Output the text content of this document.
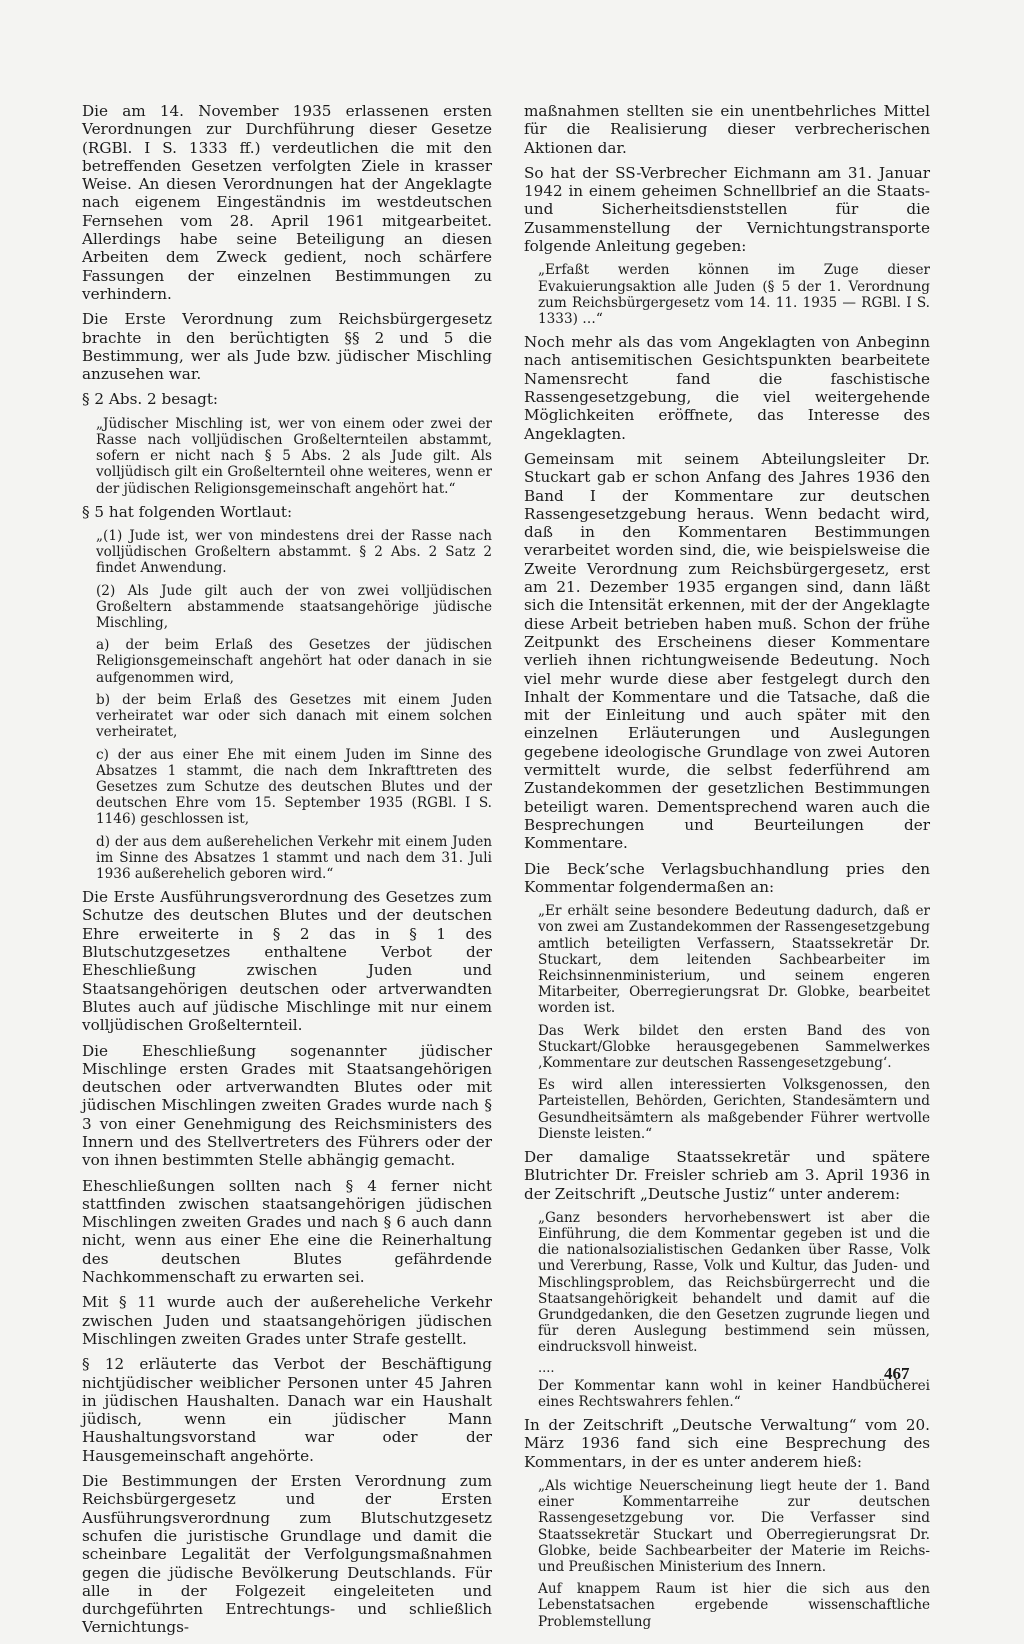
Die am 14. November 1935 erlassenen ersten Verordnungen zur Durchführung dieser Gesetze (RGBl. I S. 1333 ff.) verdeutlichen die mit den betreffenden Gesetzen verfolgten Ziele in krasser Weise. An diesen Verordnungen hat der Angeklagte nach eigenem Eingeständnis im westdeutschen Fernsehen vom 28. April 1961 mitgearbeitet. Allerdings habe seine Beteiligung an diesen Arbeiten dem Zweck gedient, noch schärfere Fassungen der einzelnen Bestimmungen zu verhindern.

Die Erste Verordnung zum Reichsbürgergesetz brachte in den berüchtigten §§ 2 und 5 die Bestimmung, wer als Jude bzw. jüdischer Mischling anzusehen war.

§ 2 Abs. 2 besagt:

„Jüdischer Mischling ist, wer von einem oder zwei der Rasse nach volljüdischen Großelternteilen abstammt, sofern er nicht nach § 5 Abs. 2 als Jude gilt. Als volljüdisch gilt ein Großelternteil ohne weiteres, wenn er der jüdischen Religionsgemeinschaft angehört hat.“

§ 5 hat folgenden Wortlaut:

„(1) Jude ist, wer von mindestens drei der Rasse nach volljüdischen Großeltern abstammt. § 2 Abs. 2 Satz 2 findet Anwendung.

(2) Als Jude gilt auch der von zwei volljüdischen Großeltern abstammende staatsangehörige jüdische Mischling,

a) der beim Erlaß des Gesetzes der jüdischen Religionsgemeinschaft angehört hat oder danach in sie aufgenommen wird,

b) der beim Erlaß des Gesetzes mit einem Juden verheiratet war oder sich danach mit einem solchen verheiratet,

c) der aus einer Ehe mit einem Juden im Sinne des Absatzes 1 stammt, die nach dem Inkrafttreten des Gesetzes zum Schutze des deutschen Blutes und der deutschen Ehre vom 15. September 1935 (RGBl. I S. 1146) geschlossen ist,

d) der aus dem außerehelichen Verkehr mit einem Juden im Sinne des Absatzes 1 stammt und nach dem 31. Juli 1936 außerehelich geboren wird.“

Die Erste Ausführungsverordnung des Gesetzes zum Schutze des deutschen Blutes und der deutschen Ehre erweiterte in § 2 das in § 1 des Blutschutzgesetzes enthaltene Verbot der Eheschließung zwischen Juden und Staatsangehörigen deutschen oder artverwandten Blutes auch auf jüdische Mischlinge mit nur einem volljüdischen Großelternteil.

Die Eheschließung sogenannter jüdischer Mischlinge ersten Grades mit Staatsangehörigen deutschen oder artverwandten Blutes oder mit jüdischen Mischlingen zweiten Grades wurde nach § 3 von einer Genehmigung des Reichsministers des Innern und des Stellvertreters des Führers oder der von ihnen bestimmten Stelle abhängig gemacht.

Eheschließungen sollten nach § 4 ferner nicht stattfinden zwischen staatsangehörigen jüdischen Mischlingen zweiten Grades und nach § 6 auch dann nicht, wenn aus einer Ehe eine die Reinerhaltung des deutschen Blutes gefährdende Nachkommenschaft zu erwarten sei.

Mit § 11 wurde auch der außereheliche Verkehr zwischen Juden und staatsangehörigen jüdischen Mischlingen zweiten Grades unter Strafe gestellt.

§ 12 erläuterte das Verbot der Beschäftigung nichtjüdischer weiblicher Personen unter 45 Jahren in jüdischen Haushalten. Danach war ein Haushalt jüdisch, wenn ein jüdischer Mann Haushaltungsvorstand war oder der Hausgemeinschaft angehörte.

Die Bestimmungen der Ersten Verordnung zum Reichsbürgergesetz und der Ersten Ausführungsverordnung zum Blutschutzgesetz schufen die juristische Grundlage und damit die scheinbare Legalität der Verfolgungsmaßnahmen gegen die jüdische Bevölkerung Deutschlands. Für alle in der Folgezeit eingeleiteten und durchgeführten Entrechtungs- und schließlich Vernichtungs-

maßnahmen stellten sie ein unentbehrliches Mittel für die Realisierung dieser verbrecherischen Aktionen dar.

So hat der SS-Verbrecher Eichmann am 31. Januar 1942 in einem geheimen Schnellbrief an die Staats- und Sicherheitsdienststellen für die Zusammenstellung der Vernichtungstransporte folgende Anleitung gegeben:

„Erfaßt werden können im Zuge dieser Evakuierungsaktion alle Juden (§ 5 der 1. Verordnung zum Reichsbürgergesetz vom 14. 11. 1935 — RGBl. I S. 1333) …“

Noch mehr als das vom Angeklagten von Anbeginn nach antisemitischen Gesichtspunkten bearbeitete Namensrecht fand die faschistische Rassengesetzgebung, die viel weitergehende Möglichkeiten eröffnete, das Interesse des Angeklagten.

Gemeinsam mit seinem Abteilungsleiter Dr. Stuckart gab er schon Anfang des Jahres 1936 den Band I der Kommentare zur deutschen Rassengesetzgebung heraus. Wenn bedacht wird, daß in den Kommentaren Bestimmungen verarbeitet worden sind, die, wie beispielsweise die Zweite Verordnung zum Reichsbürgergesetz, erst am 21. Dezember 1935 ergangen sind, dann läßt sich die Intensität erkennen, mit der der Angeklagte diese Arbeit betrieben haben muß. Schon der frühe Zeitpunkt des Erscheinens dieser Kommentare verlieh ihnen richtungweisende Bedeutung. Noch viel mehr wurde diese aber festgelegt durch den Inhalt der Kommentare und die Tatsache, daß die mit der Einleitung und auch später mit den einzelnen Erläuterungen und Auslegungen gegebene ideologische Grundlage von zwei Autoren vermittelt wurde, die selbst federführend am Zustandekommen der gesetzlichen Bestimmungen beteiligt waren. Dementsprechend waren auch die Besprechungen und Beurteilungen der Kommentare.

Die Beck’sche Verlagsbuchhandlung pries den Kommentar folgendermaßen an:

„Er erhält seine besondere Bedeutung dadurch, daß er von zwei am Zustandekommen der Rassengesetzgebung amtlich beteiligten Verfassern, Staatssekretär Dr. Stuckart, dem leitenden Sachbearbeiter im Reichsinnenministerium, und seinem engeren Mitarbeiter, Oberregierungsrat Dr. Globke, bearbeitet worden ist.

Das Werk bildet den ersten Band des von Stuckart/Globke herausgegebenen Sammelwerkes ‚Kommentare zur deutschen Rassengesetzgebung‘.

Es wird allen interessierten Volksgenossen, den Parteistellen, Behörden, Gerichten, Standesämtern und Gesundheitsämtern als maßgebender Führer wertvolle Dienste leisten.“

Der damalige Staatssekretär und spätere Blutrichter Dr. Freisler schrieb am 3. April 1936 in der Zeitschrift „Deutsche Justiz“ unter anderem:

„Ganz besonders hervorhebenswert ist aber die Einführung, die dem Kommentar gegeben ist und die die nationalsozialistischen Gedanken über Rasse, Volk und Vererbung, Rasse, Volk und Kultur, das Juden- und Mischlingsproblem, das Reichsbürgerrecht und die Staatsangehörigkeit behandelt und damit auf die Grundgedanken, die den Gesetzen zugrunde liegen und für deren Auslegung bestimmend sein müssen, eindrucksvoll hinweist.

....

Der Kommentar kann wohl in keiner Handbücherei eines Rechtswahrers fehlen.“

In der Zeitschrift „Deutsche Verwaltung“ vom 20. März 1936 fand sich eine Besprechung des Kommentars, in der es unter anderem hieß:

„Als wichtige Neuerscheinung liegt heute der 1. Band einer Kommentarreihe zur deutschen Rassengesetzgebung vor. Die Verfasser sind Staatssekretär Stuckart und Oberregierungsrat Dr. Globke, beide Sachbearbeiter der Materie im Reichs- und Preußischen Ministerium des Innern.

Auf knappem Raum ist hier die sich aus den Lebenstatsachen ergebende wissenschaftliche Problemstellung

467
